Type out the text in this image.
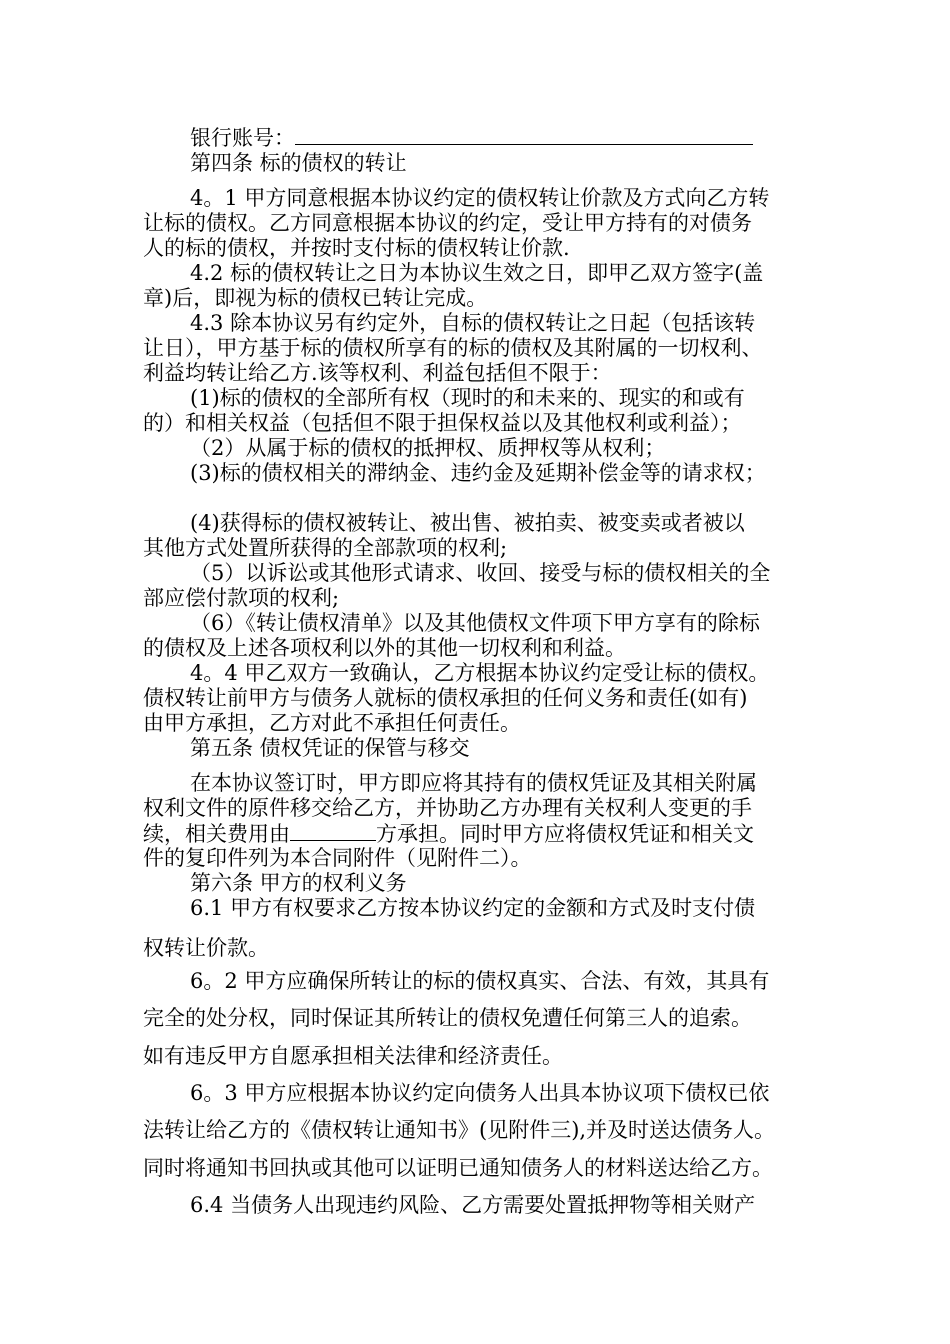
银行账号：
第四条 标的债权的转让
4。1 甲方同意根据本协议约定的债权转让价款及方式向乙方转
让标的债权。乙方同意根据本协议的约定，受让甲方持有的对债务
人的标的债权，并按时支付标的债权转让价款.
4.2 标的债权转让之日为本协议生效之日，即甲乙双方签字(盖
章)后，即视为标的债权已转让完成。
4.3 除本协议另有约定外，自标的债权转让之日起（包括该转
让日），甲方基于标的债权所享有的标的债权及其附属的一切权利、
利益均转让给乙方.该等权利、利益包括但不限于：
(1)标的债权的全部所有权（现时的和未来的、现实的和或有
的）和相关权益（包括但不限于担保权益以及其他权利或利益）；
（2）从属于标的债权的抵押权、质押权等从权利；
(3)标的债权相关的滞纳金、违约金及延期补偿金等的请求权；
(4)获得标的债权被转让、被出售、被拍卖、被变卖或者被以
其他方式处置所获得的全部款项的权利;
（5）以诉讼或其他形式请求、收回、接受与标的债权相关的全
部应偿付款项的权利;
（6）《转让债权清单》以及其他债权文件项下甲方享有的除标
的债权及上述各项权利以外的其他一切权利和利益。
4。4 甲乙双方一致确认，乙方根据本协议约定受让标的债权。
债权转让前甲方与债务人就标的债权承担的任何义务和责任(如有)
由甲方承担，乙方对此不承担任何责任。
第五条 债权凭证的保管与移交
在本协议签订时，甲方即应将其持有的债权凭证及其相关附属
权利文件的原件移交给乙方，并协助乙方办理有关权利人变更的手
续，相关费用由	方承担。同时甲方应将债权凭证和相关文
件的复印件列为本合同附件（见附件二）。
第六条 甲方的权利义务
6.1 甲方有权要求乙方按本协议约定的金额和方式及时支付债
权转让价款。
6。2 甲方应确保所转让的标的债权真实、合法、有效，其具有
完全的处分权，同时保证其所转让的债权免遭任何第三人的追索。
如有违反甲方自愿承担相关法律和经济责任。
6。3 甲方应根据本协议约定向债务人出具本协议项下债权已依
法转让给乙方的《债权转让通知书》(见附件三),并及时送达债务人。
同时将通知书回执或其他可以证明已通知债务人的材料送达给乙方。
6.4 当债务人出现违约风险、乙方需要处置抵押物等相关财产
